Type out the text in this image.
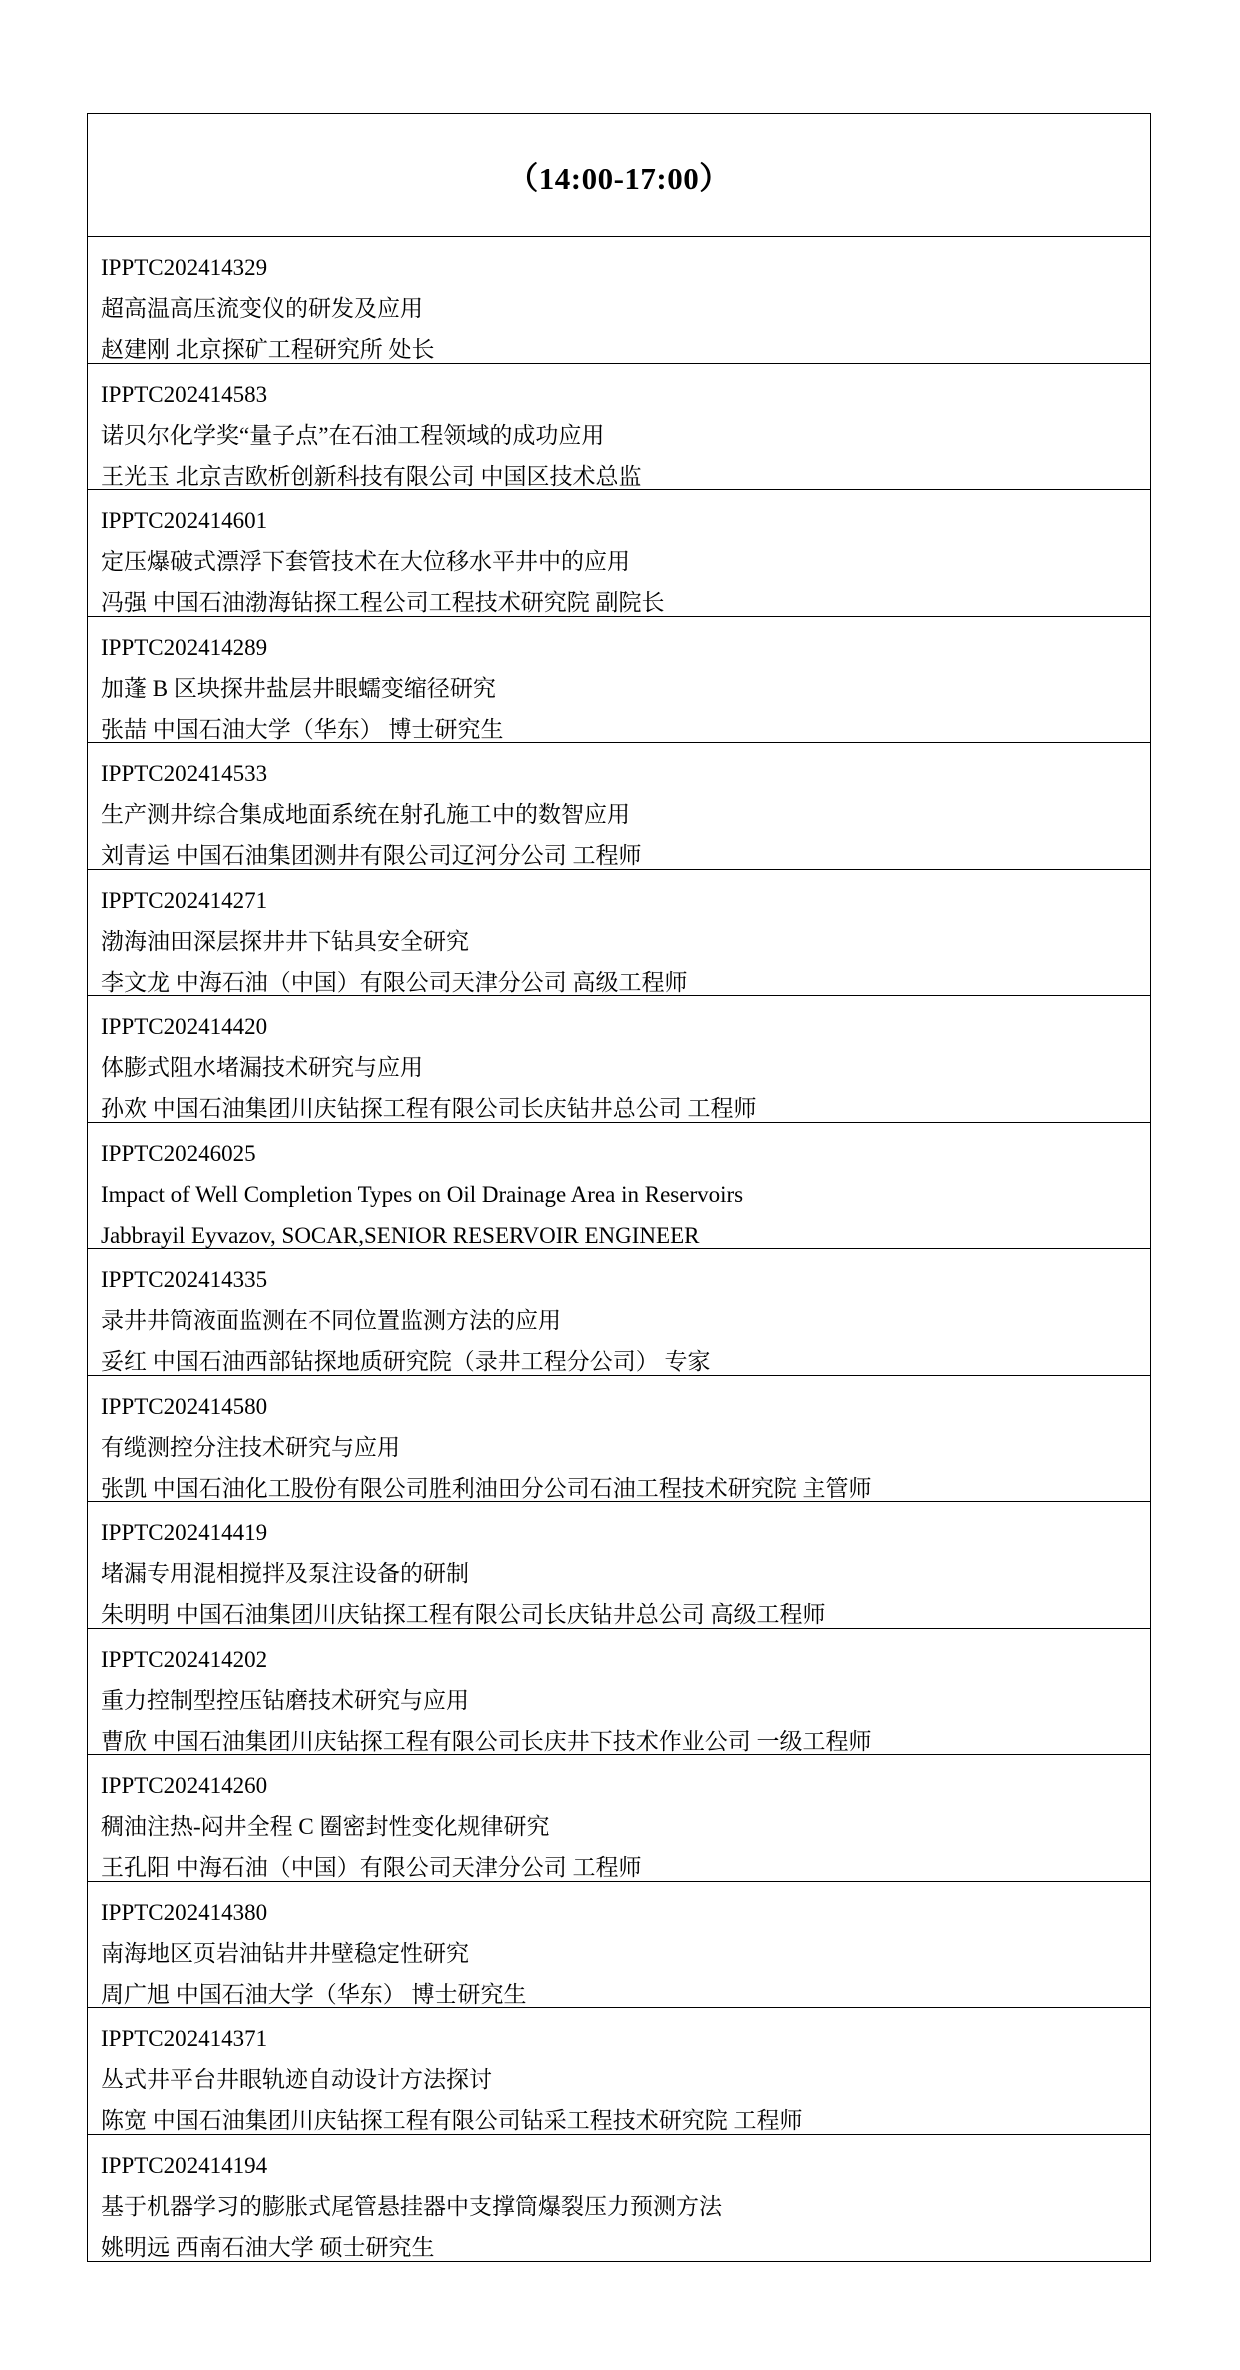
（14:00-17:00）
IPPTC202414329
超高温高压流变仪的研发及应用
赵建刚 北京探矿工程研究所 处长
IPPTC202414583
诺贝尔化学奖“量子点”在石油工程领域的成功应用
王光玉 北京吉欧析创新科技有限公司 中国区技术总监
IPPTC202414601
定压爆破式漂浮下套管技术在大位移水平井中的应用
冯强 中国石油渤海钻探工程公司工程技术研究院 副院长
IPPTC202414289
加蓬 B 区块探井盐层井眼蠕变缩径研究
张喆 中国石油大学（华东） 博士研究生
IPPTC202414533
生产测井综合集成地面系统在射孔施工中的数智应用
刘青运 中国石油集团测井有限公司辽河分公司 工程师
IPPTC202414271
渤海油田深层探井井下钻具安全研究
李文龙 中海石油（中国）有限公司天津分公司 高级工程师
IPPTC202414420
体膨式阻水堵漏技术研究与应用
孙欢 中国石油集团川庆钻探工程有限公司长庆钻井总公司 工程师
IPPTC20246025
Impact of Well Completion Types on Oil Drainage Area in Reservoirs
Jabbrayil Eyvazov, SOCAR,SENIOR RESERVOIR ENGINEER
IPPTC202414335
录井井筒液面监测在不同位置监测方法的应用
妥红 中国石油西部钻探地质研究院（录井工程分公司） 专家
IPPTC202414580
有缆测控分注技术研究与应用
张凯 中国石油化工股份有限公司胜利油田分公司石油工程技术研究院 主管师
IPPTC202414419
堵漏专用混相搅拌及泵注设备的研制
朱明明 中国石油集团川庆钻探工程有限公司长庆钻井总公司 高级工程师
IPPTC202414202
重力控制型控压钻磨技术研究与应用
曹欣 中国石油集团川庆钻探工程有限公司长庆井下技术作业公司 一级工程师
IPPTC202414260
稠油注热-闷井全程 C 圈密封性变化规律研究
王孔阳 中海石油（中国）有限公司天津分公司 工程师
IPPTC202414380
南海地区页岩油钻井井壁稳定性研究
周广旭 中国石油大学（华东） 博士研究生
IPPTC202414371
丛式井平台井眼轨迹自动设计方法探讨
陈宽 中国石油集团川庆钻探工程有限公司钻采工程技术研究院 工程师
IPPTC202414194
基于机器学习的膨胀式尾管悬挂器中支撑筒爆裂压力预测方法
姚明远 西南石油大学 硕士研究生
